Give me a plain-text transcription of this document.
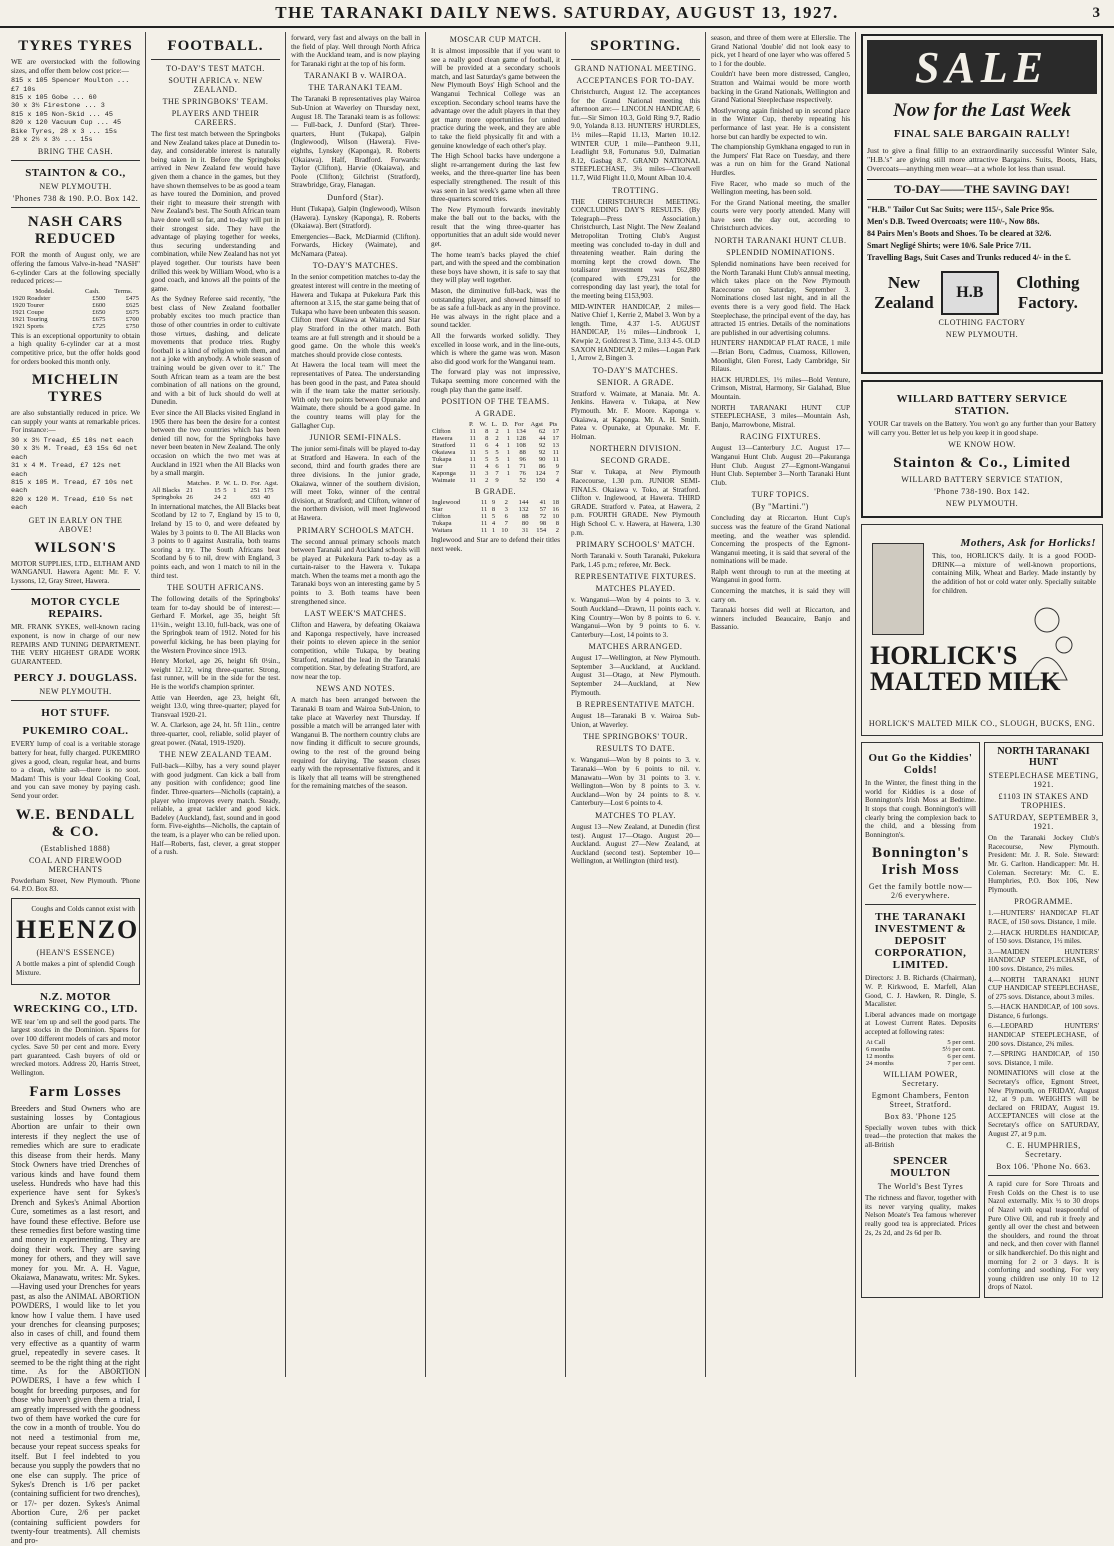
THE TARANAKI DAILY NEWS. SATURDAY, AUGUST 13, 1927.	3
TYRES TYRES
WE are overstocked with the following sizes, and offer them below cost price:—
815 x 105 Spencer Moulton ... £7 10s
815 x 105 Gobe ... 60
30 x 3½ Firestone ... 3
815 x 105 Non-Skid ... 45
820 x 120 Vacuum Cup ... 45
Bike Tyres, 28 x 3 ... 15s
28 x 2½ x 3½ ... 15s
BRING THE CASH.
STAINTON & CO.,
NEW PLYMOUTH.
'Phones 738 & 190. P.O. Box 142.
NASH CARS REDUCED
FOR the month of August only, we are offering the famous Valve-in-head "NASH" 6-cylinder Cars at the following specially reduced prices:—
Model.	Cash.	Terms.
1920 Roadster	£500	£475
1920 Tourer	£600	£625
1921 Coupe	£650	£675
1921 Touring	£675	£700
1921 Sports	£725	£750
This is an exceptional opportunity to obtain a high quality 6-cylinder car at a most competitive price, but the offer holds good for orders booked this month only.
MICHELIN TYRES
are also substantially reduced in price. We can supply your wants at remarkable prices. For instance:—
30 x 3½ Tread, £5 10s net each
30 x 3½ M. Tread, £3 15s 6d net each
31 x 4 M. Tread, £7 12s net each
815 x 105 M. Tread, £7 10s net each
820 x 120 M. Tread, £10 5s net each
GET IN EARLY ON THE ABOVE!
WILSON'S
MOTOR SUPPLIES, LTD., ELTHAM AND WANGANUI. Hawera Agent: Mr. F. V. Lyssons, 12, Gray Street, Hawera.
MOTOR CYCLE REPAIRS.
MR. FRANK SYKES, well-known racing exponent, is now in charge of our new REPAIRS AND TUNING DEPARTMENT. THE VERY HIGHEST GRADE WORK GUARANTEED.
PERCY J. DOUGLASS.
NEW PLYMOUTH.
HOT STUFF.
PUKEMIRO COAL.
EVERY lump of coal is a veritable storage battery for heat, fully charged. PUKEMIRO gives a good, clean, regular heat, and burns to a clean, white ash—there is no soot. Madam! This is your Ideal Cooking Coal, and you can save money by paying cash. Send your order.
W.E. BENDALL & CO.
(Established 1888)
COAL AND FIREWOOD MERCHANTS
Powderham Street, New Plymouth. 'Phone 64. P.O. Box 83.
Coughs and Colds cannot exist with
HEENZO
(HEAN'S ESSENCE)
A bottle makes a pint of splendid Cough Mixture.
N.Z. MOTOR WRECKING CO., LTD.
WE tear 'em up and sell the good parts. The largest stocks in the Dominion. Spares for over 100 different models of cars and motor cycles. Save 50 per cent and more. Every part guaranteed. Cash buyers of old or wrecked motors. Address 20, Harris Street, Wellington.
Farm Losses
Breeders and Stud Owners who are sustaining losses by Contagious Abortion are unfair to their own interests if they neglect the use of remedies which are sure to eradicate this disease from their herds. Many Stock Owners have tried Drenches of various kinds and have found them useless. Hundreds who have had this experience have sent for Sykes's Drench and Sykes's Animal Abortion Cure, sometimes as a last resort, and have found these effective. Before use these remedies first before wasting time and money in experimenting. They are doing their work. They are saving money for others, and they will save money for you. Mr. A. H. Vague, Okaiawa, Manawatu, writes: Mr. Sykes.—Having used your Drenches for years past, as also the ANIMAL ABORTION POWDERS, I would like to let you know how I value them. I have used your drenches for cleansing purposes; also in cases of chill, and found them very effective as a quantity of warm gruel, repeatedly in severe cases. It seemed to be the right thing at the right time. As for the ABORTION POWDERS, I have a few which I bought for breeding purposes, and for those who haven't given them a trial, I am greatly impressed with the goodness two of them have worked the cure for the cow in a month of trouble. You do not need a testimonial from me, because your repeat success speaks for itself. But I feel indebted to you because you supply the powders that no one else can supply. The price of Sykes's Drench is 1/6 per packet (containing sufficient for two drenches), or 17/- per dozen. Sykes's Animal Abortion Cure, 2/6 per packet (containing sufficient powders for twenty-four treatments). All chemists and pro-
FOOTBALL.
TO-DAY'S TEST MATCH.
SOUTH AFRICA v. NEW ZEALAND.
THE SPRINGBOKS' TEAM.
PLAYERS AND THEIR CAREERS.
The first test match between the Springboks and New Zealand takes place at Dunedin to-day, and considerable interest is naturally being taken in it. Before the Springboks arrived in New Zealand few would have given them a chance in the games, but they have shown themselves to be as good a team as have toured the Dominion, and proved their right to measure their strength with New Zealand's best. The South African team have done well so far, and to-day will put in their strongest side. They have the advantage of playing together for weeks, thus securing understanding and combination, while New Zealand has not yet played together. Our tourists have been drilled this week by William Wood, who is a good coach, and knows all the points of the game.
As the Sydney Referee said recently, "the best class of New Zealand footballer probably excites too much practice than those of other countries in order to cultivate those virtues, dashing, and delicate movements that produce tries. Rugby football is a kind of religion with them, and not a joke with anybody. A whole season of training would be given over to it." The South African team as a team are the best combination of all nations on the ground, and with a bit of luck should do well at Dunedin.
Ever since the All Blacks visited England in 1905 there has been the desire for a contest between the two countries which has been denied till now, for the Springboks have never been beaten in New Zealand. The only occasion on which the two met was at Auckland in 1921 when the All Blacks won by a small margin.
	Matches.	P.	W.	L.	D.	For.	Agst.
All Blacks	21	15	5	1		251	175
Springboks	26	24	2			693	40
In international matches, the All Blacks beat Scotland by 12 to 7, England by 15 to 0, Ireland by 15 to 0, and were defeated by Wales by 3 points to 0. The All Blacks won 3 points to 0 against Australia, both teams scoring a try. The South Africans beat Scotland by 6 to nil, drew with England, 3 points each, and won 1 match to nil in the third test.
THE SOUTH AFRICANS.
The following details of the Springboks' team for to-day should be of interest:— Gerhard F. Morkel, age 35, height 5ft 11½in., weight 13.10, full-back, was one of the Springbok team of 1912. Noted for his powerful kicking, he has been playing for the Western Province since 1913.
Henry Morkel, age 26, height 6ft 0½in., weight 12.12, wing three-quarter. Strong, fast runner, will be in the side for the test. He is the world's champion sprinter.
Attie van Heerden, age 23, height 6ft, weight 13.0, wing three-quarter; played for Transvaal 1920-21.
W. A. Clarkson, age 24, ht. 5ft 11in., centre three-quarter, cool, reliable, solid player of great power. (Natal, 1919-1920).
THE NEW ZEALAND TEAM.
Full-back—Kilby, has a very sound player with good judgment. Can kick a ball from any position with confidence; good line finder. Three-quarters—Nicholls (captain), a player who improves every match. Steady, reliable, a great tackler and good kick. Badeley (Auckland), fast, sound and in good form. Five-eighths—Nicholls, the captain of the team, is a player who can be relied upon. Half—Roberts, fast, clever, a great stopper of a rush.
forward, very fast and always on the ball in the field of play. Well through North Africa with the Auckland team, and is now playing for Taranaki right at the top of his form.
TARANAKI B v. WAIROA.
THE TARANAKI TEAM.
The Taranaki B representatives play Wairoa Sub-Union at Waverley on Thursday next, August 18. The Taranaki team is as follows:— Full-back, J. Dunford (Star). Three-quarters, Hunt (Tukapa), Galpin (Inglewood), Wilson (Hawera). Five-eighths, Lynskey (Kaponga), R. Roberts (Okaiawa). Half, Bradford. Forwards: Taylor (Clifton), Harvie (Okaiawa), and Poole (Clifton); Gilchrist (Stratford), Strawbridge, Gray, Flanagan.
Dunford (Star).
Hunt (Tukapa), Galpin (Inglewood), Wilson (Hawera). Lynskey (Kaponga), R. Roberts (Okaiawa). Bert (Stratford).
Emergencies—Back, McDiarmid (Clifton). Forwards, Hickey (Waimate), and McNamara (Patea).
TO-DAY'S MATCHES.
In the senior competition matches to-day the greatest interest will centre in the meeting of Hawera and Tukapa at Pukekura Park this afternoon at 3.15, the star game being that of Tukapa who have been unbeaten this season. Clifton meet Okaiawa at Waitara and Star play Stratford in the other match. Both teams are at full strength and it should be a good game. On the whole this week's matches should provide close contests.
At Hawera the local team will meet the representatives of Patea. The understanding has been good in the past, and Patea should win if the team take the matter seriously. With only two points between Opunake and Waimate, there should be a good game. In the country teams will play for the Gallagher Cup.
JUNIOR SEMI-FINALS.
The junior semi-finals will be played to-day at Stratford and Hawera. In each of the second, third and fourth grades there are three divisions. In the junior grade, Okaiawa, winner of the southern division, will meet Toko, winner of the central division, at Stratford; and Clifton, winner of the northern division, will meet Inglewood at Hawera.
PRIMARY SCHOOLS MATCH.
The second annual primary schools match between Taranaki and Auckland schools will be played at Pukekura Park to-day as a curtain-raiser to the Hawera v. Tukapa match. When the teams met a month ago the Taranaki boys won an interesting game by 5 points to 3. Both teams have been strengthened since.
LAST WEEK'S MATCHES.
Clifton and Hawera, by defeating Okaiawa and Kaponga respectively, have increased their points to eleven apiece in the senior competition, while Tukapa, by beating Stratford, retained the lead in the Taranaki competition. Star, by defeating Stratford, are now near the top.
NEWS AND NOTES.
A match has been arranged between the Taranaki B team and Wairoa Sub-Union, to take place at Waverley next Thursday. If possible a match will be arranged later with Wanganui B. The northern country clubs are now finding it difficult to secure grounds, owing to the rest of the ground being required for dairying. The season closes early with the representative fixtures, and it is likely that all teams will be strengthened for the remaining matches of the season.
MOSCAR CUP MATCH.
It is almost impossible that if you want to see a really good clean game of football, it will be provided at a secondary schools match, and last Saturday's game between the New Plymouth Boys' High School and the Wanganui Technical College was an exception. Secondary school teams have the advantage over the adult players in that they get many more opportunities for united practice during the week, and they are able to take the field physically fit and with a genuine knowledge of each other's play.
The High School backs have undergone a slight re-arrangement during the last few weeks, and the three-quarter line has been especially strengthened. The result of this was seen in last week's game when all three three-quarters scored tries.
The New Plymouth forwards inevitably make the ball out to the backs, with the result that the wing three-quarter has opportunities that an adult side would never get.
The home team's backs played the chief part, and with the speed and the combination these boys have shown, it is safe to say that they will play well together.
Mason, the diminutive full-back, was the outstanding player, and showed himself to be as safe a full-back as any in the province. He was always in the right place and a sound tackler.
All the forwards worked solidly. They excelled in loose work, and in the line-outs, which is where the game was won. Mason also did good work for the Wanganui team.
The forward play was not impressive, Tukapa seeming more concerned with the rough play than the game itself.
POSITION OF THE TEAMS.
A GRADE.
	P.	W.	L.	D.	For	Agst	Pts
Clifton	11	8	2	1	134	62	17
Hawera	11	8	2	1	128	44	17
Stratford	11	6	4	1	108	92	13
Okaiawa	11	5	5	1	88	92	11
Tukapa	11	5	5	1	96	90	11
Star	11	4	6	1	71	86	9
Kaponga	11	3	7	1	76	124	7
Waimate	11	2	9		52	150	4
B GRADE.
Inglewood	11	9	2		144	41	18
Star	11	8	3		132	57	16
Clifton	11	5	6		88	72	10
Tukapa	11	4	7		80	98	8
Waitara	11	1	10		31	154	2
Inglewood and Star are to defend their titles next week.
SPORTING.
GRAND NATIONAL MEETING.
ACCEPTANCES FOR TO-DAY.
Christchurch, August 12. The acceptances for the Grand National meeting this afternoon are:— LINCOLN HANDICAP, 6 fur.—Sir Simon 10.3, Gold Ring 9.7, Radio 9.0, Yolanda 8.13. HUNTERS' HURDLES, 1½ miles—Rapid 11.13, Marten 10.12. WINTER CUP, 1 mile—Pantheon 9.11, Leadlight 9.8, Fortunatus 9.0, Dalmatian 8.12, Gasbag 8.7. GRAND NATIONAL STEEPLECHASE, 3¼ miles—Clearwell 11.7, Wild Flight 11.0, Mount Alban 10.4.
TROTTING.
THE CHRISTCHURCH MEETING. CONCLUDING DAY'S RESULTS. (By Telegraph—Press Association.) Christchurch, Last Night. The New Zealand Metropolitan Trotting Club's August meeting was concluded to-day in dull and threatening weather. Rain during the morning kept the crowd down. The totalisator investment was £62,880 (compared with £79,231 for the corresponding day last year), the total for the meeting being £153,903.
MID-WINTER HANDICAP, 2 miles—Native Chief 1, Kerrie 2, Mabel 3. Won by a length. Time, 4.37 1-5. AUGUST HANDICAP, 1½ miles—Lindbrook 1, Kewpie 2, Goldcrest 3. Time, 3.13 4-5. OLD SAXON HANDICAP, 2 miles—Logan Park 1, Arrow 2, Bingen 3.
TO-DAY'S MATCHES.
SENIOR. A GRADE.
Stratford v. Waimate, at Manaia. Mr. A. Jenkins. Hawera v. Tukapa, at New Plymouth. Mr. F. Moore. Kaponga v. Okaiawa, at Kaponga. Mr. A. H. Smith. Patea v. Opunake, at Opunake. Mr. F. Holman.
NORTHERN DIVISION.
SECOND GRADE.
Star v. Tukapa, at New Plymouth Racecourse, 1.30 p.m. JUNIOR SEMI-FINALS. Okaiawa v. Toko, at Stratford. Clifton v. Inglewood, at Hawera. THIRD GRADE. Stratford v. Patea, at Hawera, 2 p.m. FOURTH GRADE. New Plymouth High School C. v. Hawera, at Hawera, 1.30 p.m.
PRIMARY SCHOOLS' MATCH.
North Taranaki v. South Taranaki, Pukekura Park, 1.45 p.m.; referee, Mr. Beck.
REPRESENTATIVE FIXTURES.
MATCHES PLAYED.
v. Wanganui—Won by 4 points to 3. v. South Auckland—Drawn, 11 points each. v. King Country—Won by 8 points to 6. v. Wanganui—Won by 9 points to 6. v. Canterbury—Lost, 14 points to 3.
MATCHES ARRANGED.
August 17—Wellington, at New Plymouth. September 3—Auckland, at Auckland. August 31—Otago, at New Plymouth. September 24—Auckland, at New Plymouth.
B REPRESENTATIVE MATCH.
August 18—Taranaki B v. Wairoa Sub-Union, at Waverley.
THE SPRINGBOKS' TOUR.
RESULTS TO DATE.
v. Wanganui—Won by 8 points to 3. v. Taranaki—Won by 6 points to nil. v. Manawatu—Won by 31 points to 3. v. Wellington—Won by 8 points to 3. v. Auckland—Won by 24 points to 8. v. Canterbury—Lost 6 points to 4.
MATCHES TO PLAY.
August 13—New Zealand, at Dunedin (first test). August 17—Otago. August 20—Auckland. August 27—New Zealand, at Auckland (second test). September 10—Wellington, at Wellington (third test).
season, and three of them were at Ellerslie. The Grand National 'double' did not look easy to pick, yet I heard of one layer who was offered 5 to 1 for the double.
Couldn't have been more distressed, Cangleo, Stratton and Waimai would be more worth backing in the Grand Nationals, Wellington and Grand National Steeplechase respectively.
Mostlywrong again finished up in second place in the Winter Cup, thereby repeating his performance of last year. He is a consistent horse but can hardly be expected to win.
The championship Gymkhana engaged to run in the Jumpers' Flat Race on Tuesday, and there was a run on him for the Grand National Hurdles.
Five Racer, who made so much of the Wellington meeting, has been sold.
For the Grand National meeting, the smaller courts were very poorly attended. Many will have seen the day out, according to Christchurch advices.
NORTH TARANAKI HUNT CLUB.
SPLENDID NOMINATIONS.
Splendid nominations have been received for the North Taranaki Hunt Club's annual meeting, which takes place on the New Plymouth Racecourse on Saturday, September 3. Nominations closed last night, and in all the events there is a very good field. The Hack Steeplechase, the principal event of the day, has attracted 15 entries. Details of the nominations are published in our advertising columns.
HUNTERS' HANDICAP FLAT RACE, 1 mile—Brian Boru, Cadmus, Cuamoss, Killowen, Moonlight, Glen Forest, Lady Cambridge, Sir Rilaus.
HACK HURDLES, 1½ miles—Bold Venture, Crimson, Mistral, Harmony, Sir Galahad, Blue Mountain.
NORTH TARANAKI HUNT CUP STEEPLECHASE, 3 miles—Mountain Ash, Banjo, Marrowbone, Mistral.
RACING FIXTURES.
August 13—Canterbury J.C. August 17—Wanganui Hunt Club. August 20—Pakuranga Hunt Club. August 27—Egmont-Wanganui Hunt Club. September 3—North Taranaki Hunt Club.
TURF TOPICS.
(By "Martini.")
Concluding day at Riccarton. Hunt Cup's success was the feature of the Grand National meeting, and the weather was splendid. Concerning the prospects of the Egmont-Wanganui meeting, it is said that several of the nominations will be made.
Ralph went through to run at the meeting at Wanganui in good form.
Concerning the matches, it is said they will carry on.
Taranaki horses did well at Riccarton, and winners included Beaucaire, Banjo and Bassanio.
SALE
Now for the Last Week
FINAL SALE BARGAIN RALLY!
Just to give a final fillip to an extraordinarily successful Winter Sale, "H.B.'s" are giving still more attractive Bargains. Suits, Boots, Hats, Overcoats—anything men wear—at a whole lot less than usual.
TO-DAY——THE SAVING DAY!
"H.B." Tailor Cut Sac Suits; were 115/-, Sale Price 95s.
Men's D.B. Tweed Overcoats; were 110/-, Now 88s.
84 Pairs Men's Boots and Shoes. To be cleared at 32/6.
Smart Negligé Shirts; were 10/6. Sale Price 7/11.
Travelling Bags, Suit Cases and Trunks reduced 4/- in the £.
New Zealand
H.B
Clothing Factory.
CLOTHING FACTORY
NEW PLYMOUTH.
WILLARD BATTERY SERVICE STATION.
YOUR Car travels on the Battery. You won't go any further than your Battery will carry you. Better let us help you keep it in good shape.
WE KNOW HOW.
Stainton & Co., Limited
WILLARD BATTERY SERVICE STATION,
'Phone 738-190. Box 142.
NEW PLYMOUTH.
Mothers, Ask for Horlicks!
This, too, HORLICK'S daily. It is a good FOOD-DRINK—a mixture of well-known proportions, containing Milk, Wheat and Barley. Made instantly by the addition of hot or cold water only. Specially suitable for children.
HORLICK'S MALTED MILK
HORLICK'S MALTED MILK CO., SLOUGH, BUCKS, ENG.
Out Go the Kiddies' Colds!
In the Winter, the finest thing in the world for Kiddies is a dose of Bonnington's Irish Moss at Bedtime. It stops that cough. Bonnington's will clearly bring the complexion back to the child, and a blessing from Bonnington's.
Bonnington's Irish Moss
Get the family bottle now—2/6 everywhere.
THE TARANAKI INVESTMENT & DEPOSIT CORPORATION, LIMITED.
Directors: J. B. Richards (Chairman), W. P. Kirkwood, E. Marfell, Alan Good, C. J. Hawken, R. Dingle, S. Macalister.
Liberal advances made on mortgage at Lowest Current Rates. Deposits accepted at following rates:
At Call	5 per cent.
6 months	5½ per cent.
12 months	6 per cent.
24 months	7 per cent.
WILLIAM POWER, Secretary.
Egmont Chambers, Fenton Street, Stratford.
Box 83. 'Phone 125
Specially woven tubes with thick tread—the protection that makes the all-British
SPENCER MOULTON
The World's Best Tyres
The richness and flavor, together with its never varying quality, makes Nelson Moate's Tea famous wherever really good tea is appreciated. Prices 2s, 2s 2d, and 2s 6d per lb.
NORTH TARANAKI HUNT
STEEPLECHASE MEETING, 1921.
£1103 IN STAKES AND TROPHIES.
SATURDAY, SEPTEMBER 3, 1921.
On the Taranaki Jockey Club's Racecourse, New Plymouth. President: Mr. J. R. Sole. Steward: Mr. G. Carlton. Handicapper: Mr. H. Coleman. Secretary: Mr. C. E. Humphries, P.O. Box 106, New Plymouth.
PROGRAMME.
1.—HUNTERS' HANDICAP FLAT RACE, of 150 sovs. Distance, 1 mile.
2.—HACK HURDLES HANDICAP, of 150 sovs. Distance, 1½ miles.
3.—MAIDEN HUNTERS' HANDICAP STEEPLECHASE, of 100 sovs. Distance, 2½ miles.
4.—NORTH TARANAKI HUNT CUP HANDICAP STEEPLECHASE, of 275 sovs. Distance, about 3 miles.
5.—HACK HANDICAP, of 100 sovs. Distance, 6 furlongs.
6.—LEOPARD HUNTERS' HANDICAP STEEPLECHASE, of 200 sovs. Distance, 2¾ miles.
7.—SPRING HANDICAP, of 150 sovs. Distance, 1 mile.
NOMINATIONS will close at the Secretary's office, Egmont Street, New Plymouth, on FRIDAY, August 12, at 9 p.m. WEIGHTS will be declared on FRIDAY, August 19. ACCEPTANCES will close at the Secretary's office on SATURDAY, August 27, at 9 p.m.
C. E. HUMPHRIES, Secretary.
Box 106. 'Phone No. 663.
A rapid cure for Sore Throats and Fresh Colds on the Chest is to use Nazol externally. Mix ½ to 30 drops of Nazol with equal teaspoonful of Pure Olive Oil, and rub it freely and gently all over the chest and between the shoulders, and round the throat and neck, and then cover with flannel or silk handkerchief. Do this night and morning for 2 or 3 days. It is comforting and soothing. For very young children use only 10 to 12 drops of Nazol.
